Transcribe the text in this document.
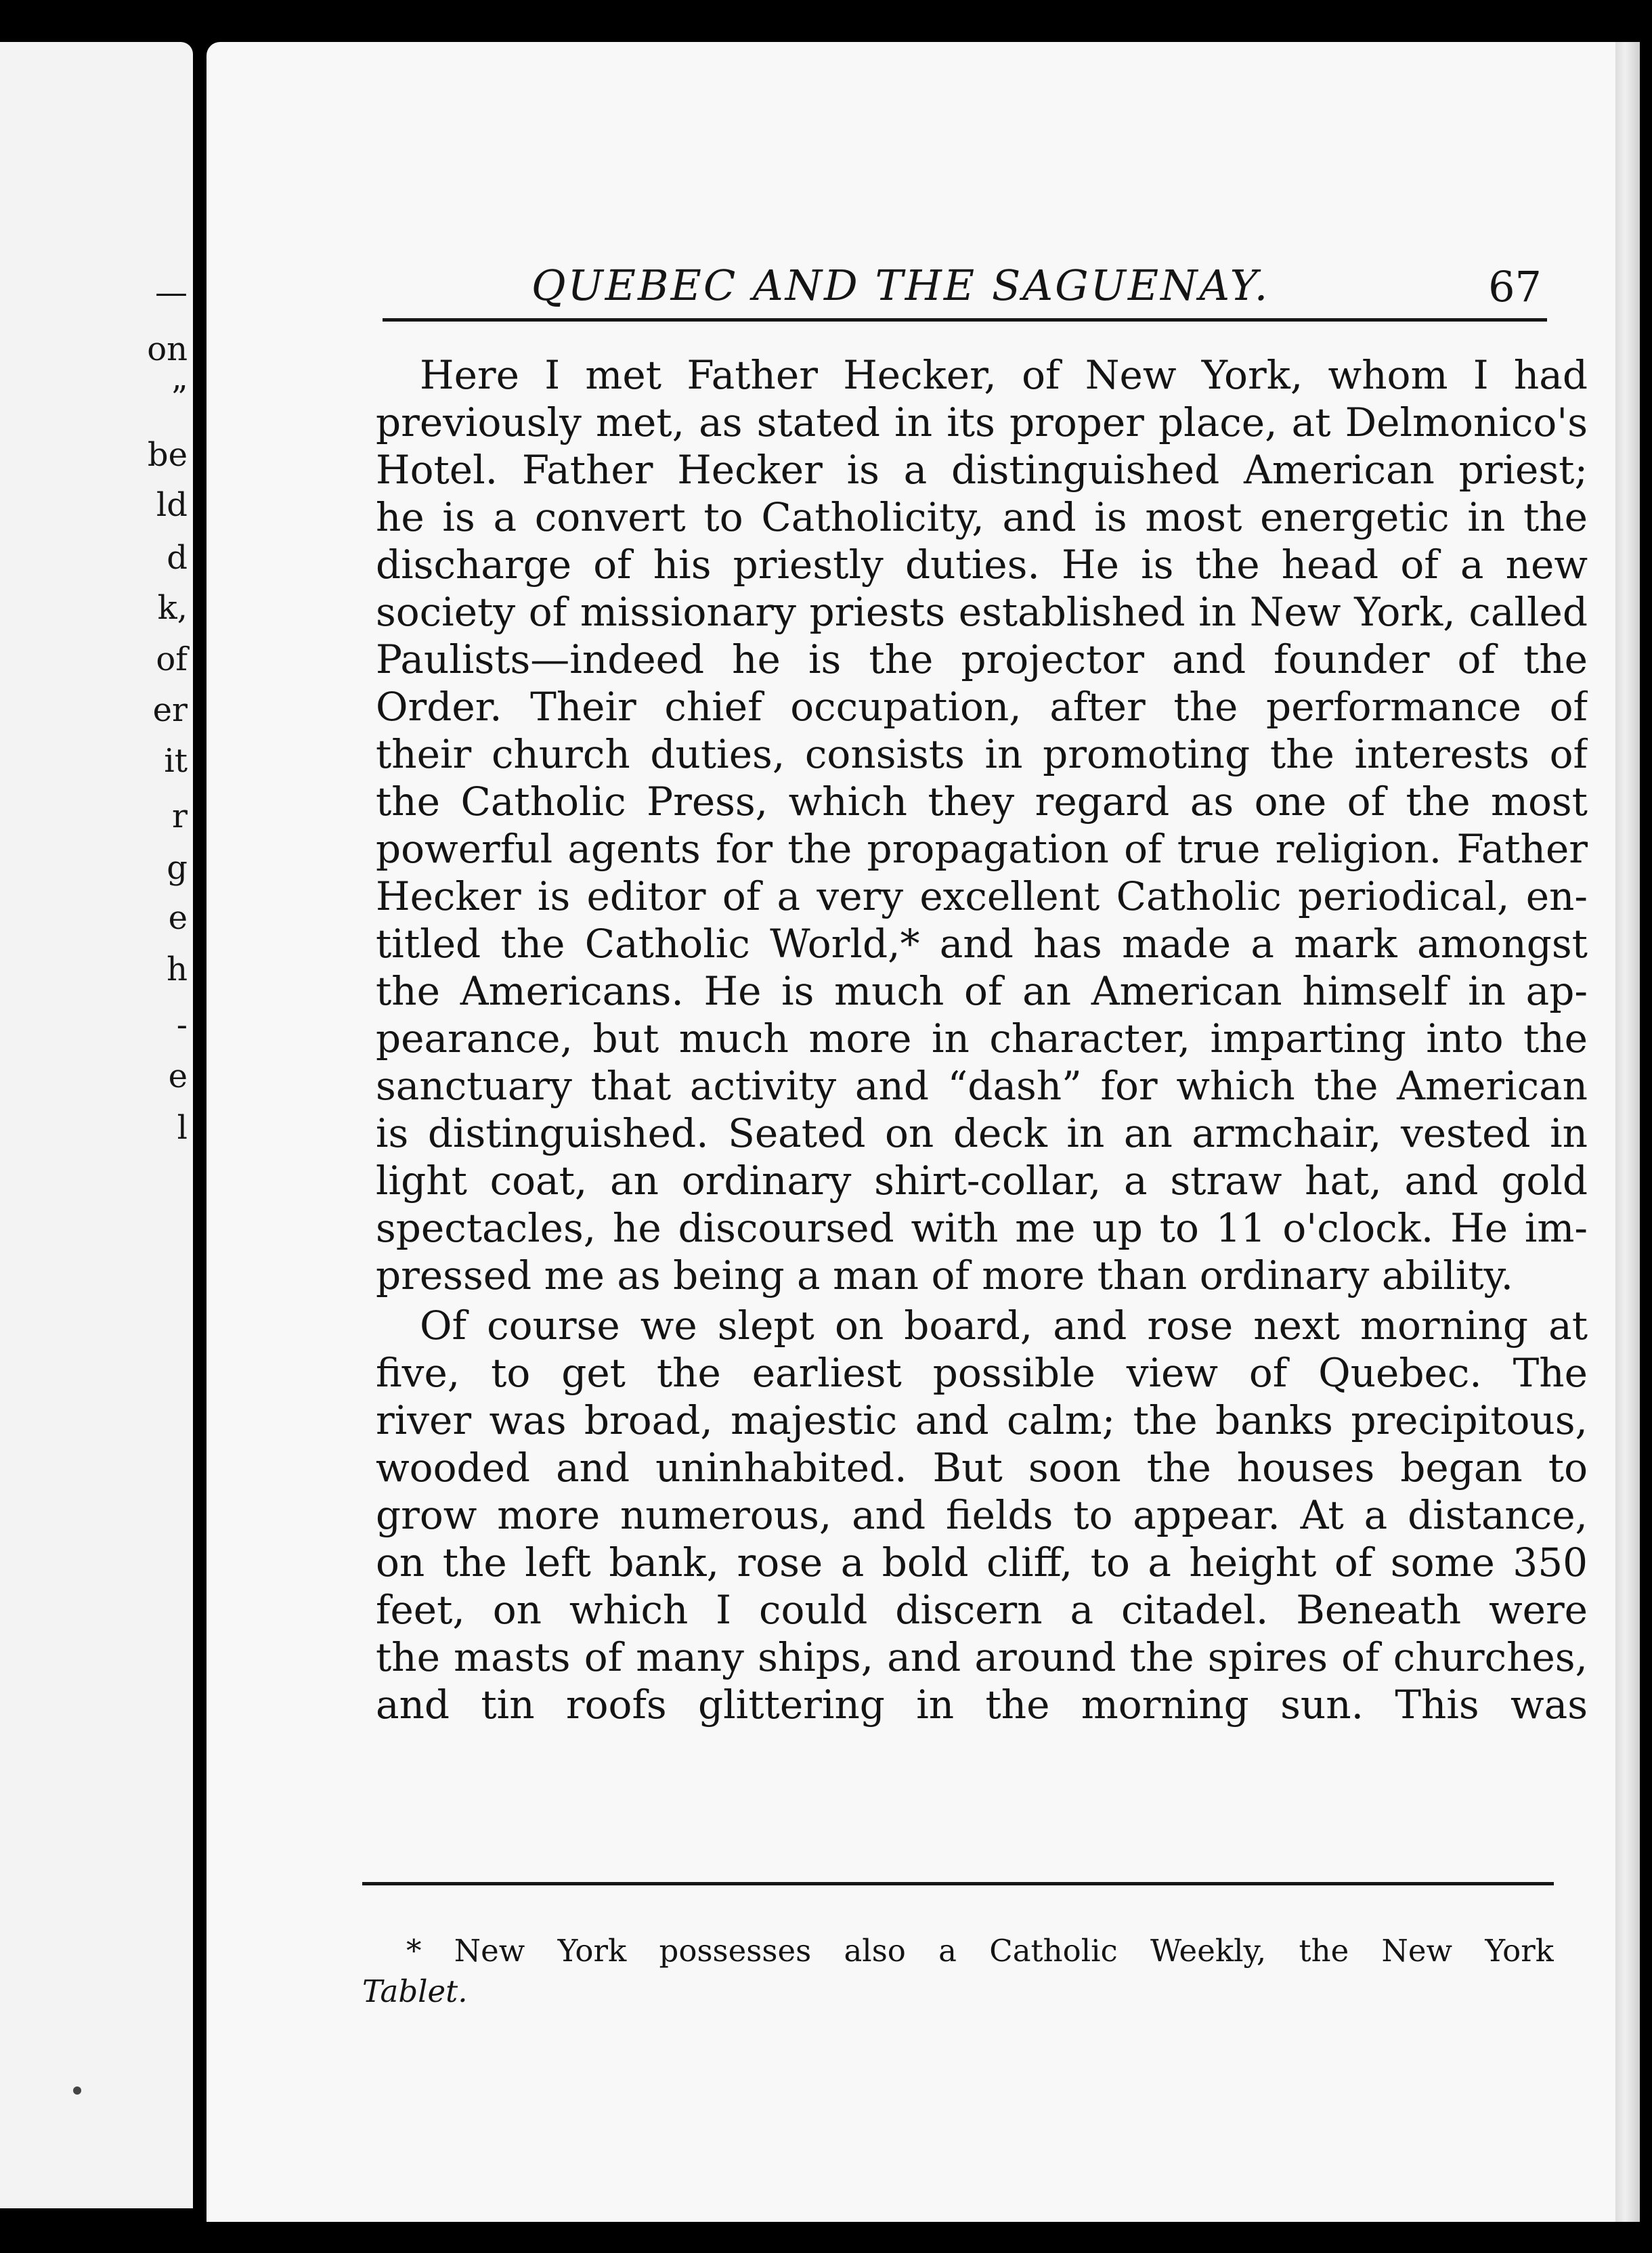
—
on
”
be
ld
d
k,
of
er
it
r
g
e
h
-
e
l
QUEBEC AND THE SAGUENAY.	67
Here I met Father Hecker, of New York, whom I had
previously met, as stated in its proper place, at Delmonico's
Hotel. Father Hecker is a distinguished American priest;
he is a convert to Catholicity, and is most energetic in the
discharge of his priestly duties. He is the head of a new
society of missionary priests established in New York, called
Paulists—indeed he is the projector and founder of the
Order. Their chief occupation, after the performance of
their church duties, consists in promoting the interests of
the Catholic Press, which they regard as one of the most
powerful agents for the propagation of true religion. Father
Hecker is editor of a very excellent Catholic periodical, en-
titled the Catholic World,* and has made a mark amongst
the Americans. He is much of an American himself in ap-
pearance, but much more in character, imparting into the
sanctuary that activity and “dash” for which the American
is distinguished. Seated on deck in an armchair, vested in
light coat, an ordinary shirt-collar, a straw hat, and gold
spectacles, he discoursed with me up to 11 o'clock. He im-
pressed me as being a man of more than ordinary ability.
Of course we slept on board, and rose next morning at
five, to get the earliest possible view of Quebec. The
river was broad, majestic and calm; the banks precipitous,
wooded and uninhabited. But soon the houses began to
grow more numerous, and fields to appear. At a distance,
on the left bank, rose a bold cliff, to a height of some 350
feet, on which I could discern a citadel. Beneath were
the masts of many ships, and around the spires of churches,
and tin roofs glittering in the morning sun. This was
* New York possesses also a Catholic Weekly, the New York
Tablet.
